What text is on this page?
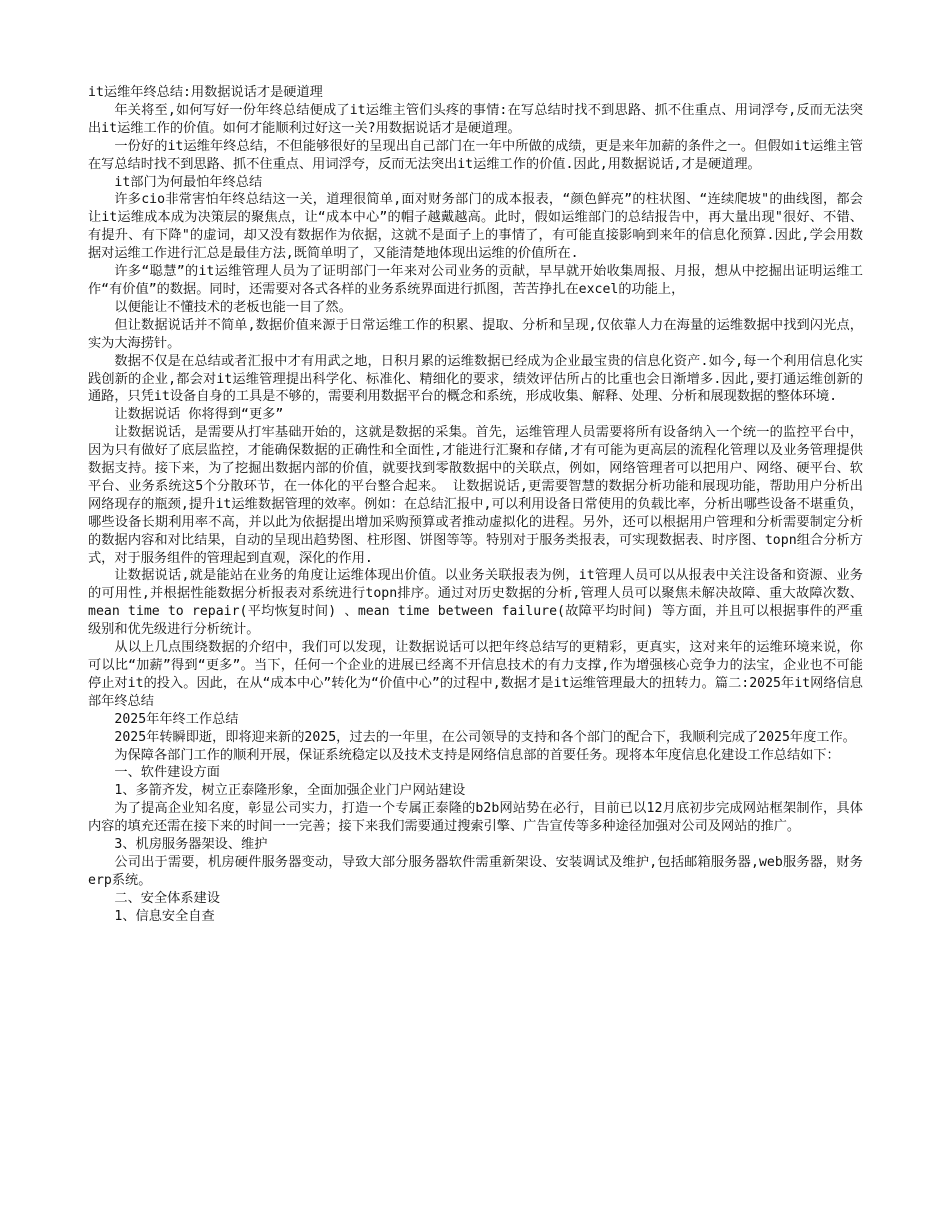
it运维年终总结:用数据说话才是硬道理

年关将至,如何写好一份年终总结便成了it运维主管们头疼的事情:在写总结时找不到思路、抓不住重点、用词浮夸,反而无法突出it运维工作的价值。如何才能顺利过好这一关?用数据说话才是硬道理。

一份好的it运维年终总结，不但能够很好的呈现出自己部门在一年中所做的成绩，更是来年加薪的条件之一。但假如it运维主管在写总结时找不到思路、抓不住重点、用词浮夸，反而无法突出it运维工作的价值.因此,用数据说话,才是硬道理。

it部门为何最怕年终总结

许多cio非常害怕年终总结这一关，道理很简单,面对财务部门的成本报表，“颜色鲜亮”的柱状图、“连续爬坡"的曲线图，都会让it运维成本成为决策层的聚焦点，让“成本中心”的帽子越戴越高。此时，假如运维部门的总结报告中，再大量出现"很好、不错、有提升、有下降"的虚词，却又没有数据作为依据，这就不是面子上的事情了，有可能直接影响到来年的信息化预算.因此,学会用数据对运维工作进行汇总是最佳方法,既简单明了，又能清楚地体现出运维的价值所在.

许多“聪慧”的it运维管理人员为了证明部门一年来对公司业务的贡献，早早就开始收集周报、月报，想从中挖掘出证明运维工作“有价值”的数据。同时，还需要对各式各样的业务系统界面进行抓图，苦苦挣扎在excel的功能上，

以便能让不懂技术的老板也能一目了然。

但让数据说话并不简单,数据价值来源于日常运维工作的积累、提取、分析和呈现,仅依靠人力在海量的运维数据中找到闪光点，实为大海捞针。

数据不仅是在总结或者汇报中才有用武之地，日积月累的运维数据已经成为企业最宝贵的信息化资产.如今,每一个利用信息化实践创新的企业,都会对it运维管理提出科学化、标准化、精细化的要求，绩效评估所占的比重也会日渐增多.因此,要打通运维创新的通路，只凭it设备自身的工具是不够的，需要利用数据平台的概念和系统，形成收集、解释、处理、分析和展现数据的整体环境.

让数据说话 你将得到“更多”

让数据说话，是需要从打牢基础开始的，这就是数据的采集。首先，运维管理人员需要将所有设备纳入一个统一的监控平台中，因为只有做好了底层监控，才能确保数据的正确性和全面性,才能进行汇聚和存储,才有可能为更高层的流程化管理以及业务管理提供数据支持。接下来，为了挖掘出数据内部的价值，就要找到零散数据中的关联点，例如，网络管理者可以把用户、网络、硬平台、软平台、业务系统这5个分散环节，在一体化的平台整合起来。 让数据说话,更需要智慧的数据分析功能和展现功能，帮助用户分析出网络现存的瓶颈,提升it运维数据管理的效率。例如：在总结汇报中,可以利用设备日常使用的负载比率，分析出哪些设备不堪重负，哪些设备长期利用率不高，并以此为依据提出增加采购预算或者推动虚拟化的进程。另外，还可以根据用户管理和分析需要制定分析的数据内容和对比结果，自动的呈现出趋势图、柱形图、饼图等等。特别对于服务类报表，可实现数据表、时序图、topn组合分析方式，对于服务组件的管理起到直观，深化的作用.

让数据说话,就是能站在业务的角度让运维体现出价值。以业务关联报表为例，it管理人员可以从报表中关注设备和资源、业务的可用性,并根据性能数据分析报表对系统进行topn排序。通过对历史数据的分析,管理人员可以聚焦未解决故障、重大故障次数、mean time to repair(平均恢复时间) 、mean time between failure(故障平均时间) 等方面，并且可以根据事件的严重级别和优先级进行分析统计。

从以上几点围绕数据的介绍中，我们可以发现，让数据说话可以把年终总结写的更精彩，更真实，这对来年的运维环境来说，你可以比“加薪”得到“更多”。当下，任何一个企业的进展已经离不开信息技术的有力支撑,作为增强核心竞争力的法宝，企业也不可能停止对it的投入。因此，在从“成本中心”转化为“价值中心”的过程中,数据才是it运维管理最大的扭转力。篇二:2025年it网络信息部年终总结

2025年年终工作总结

2025年转瞬即逝，即将迎来新的2025，过去的一年里，在公司领导的支持和各个部门的配合下，我顺利完成了2025年度工作。

为保障各部门工作的顺利开展，保证系统稳定以及技术支持是网络信息部的首要任务。现将本年度信息化建设工作总结如下：

一、软件建设方面

1、多箭齐发，树立正泰隆形象，全面加强企业门户网站建设

为了提高企业知名度，彰显公司实力，打造一个专属正泰隆的b2b网站势在必行，目前已以12月底初步完成网站框架制作，具体内容的填充还需在接下来的时间一一完善；接下来我们需要通过搜索引擎、广告宣传等多种途径加强对公司及网站的推广。

3、机房服务器架设、维护

公司出于需要，机房硬件服务器变动，导致大部分服务器软件需重新架设、安装调试及维护,包括邮箱服务器,web服务器，财务erp系统。

二、安全体系建设

1、信息安全自查
